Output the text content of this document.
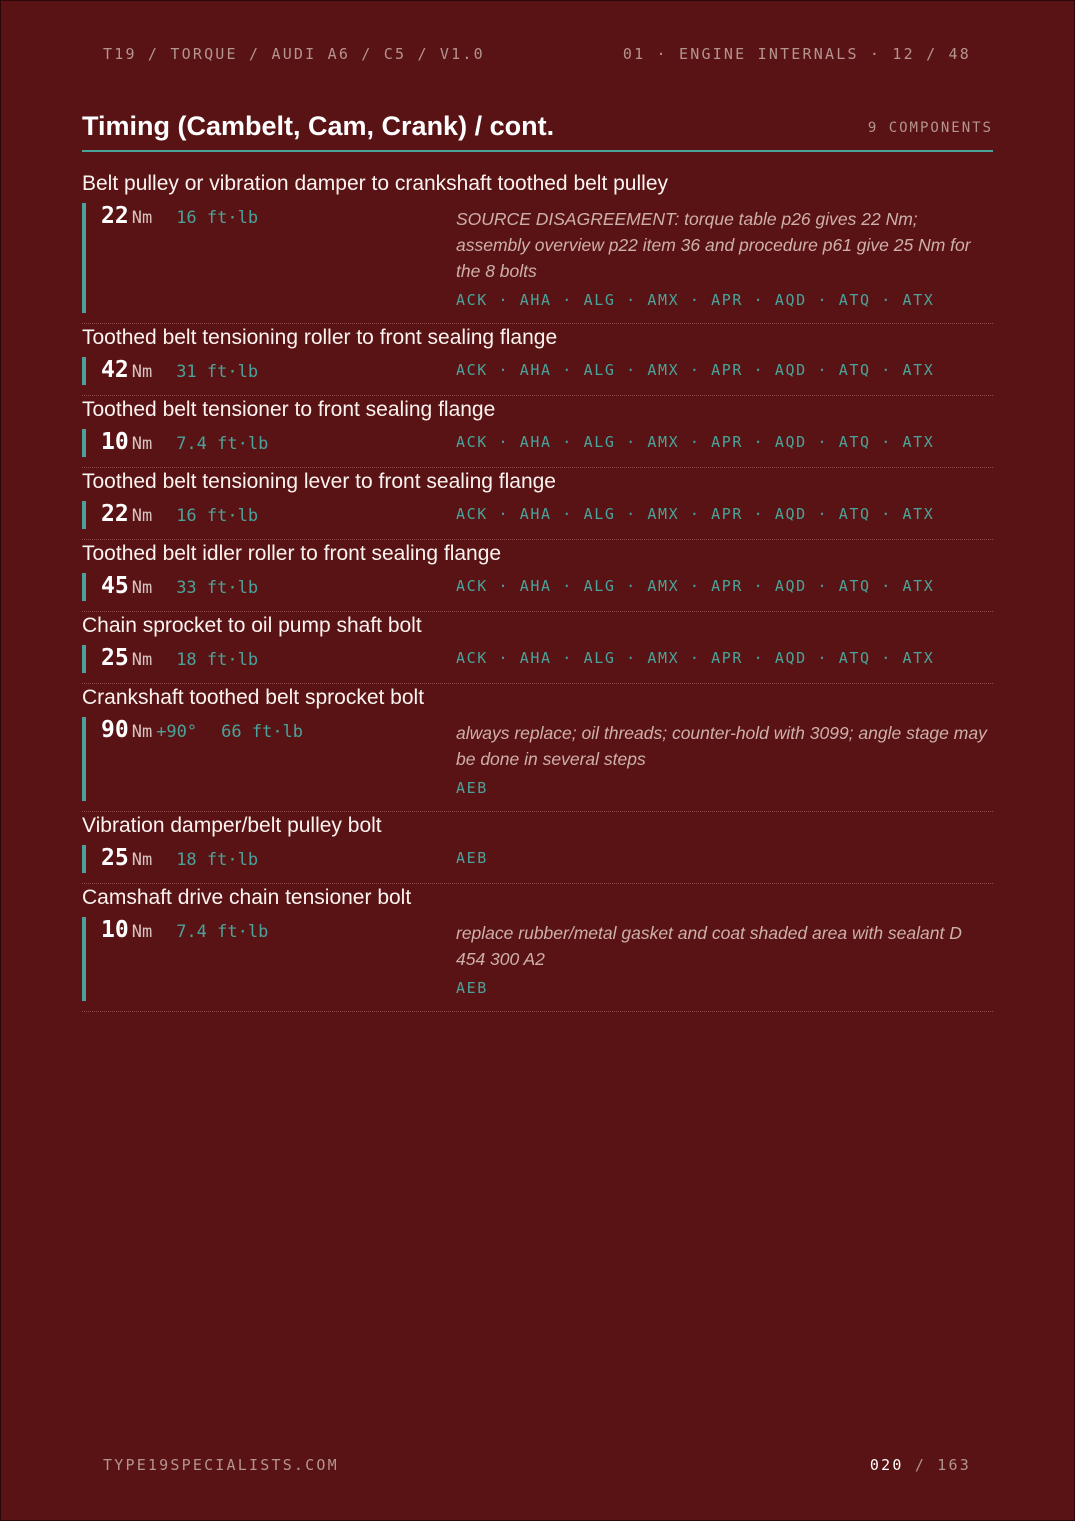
T19 / TORQUE / AUDI A6 / C5 / V1.0	01 · ENGINE INTERNALS · 12 / 48
Timing (Cambelt, Cam, Crank) / cont.	9 COMPONENTS
Belt pulley or vibration damper to crankshaft toothed belt pulley
22 Nm 16 ft·lb	SOURCE DISAGREEMENT: torque table p26 gives 22 Nm; assembly overview p22 item 36 and procedure p61 give 25 Nm for the 8 bolts
ACK · AHA · ALG · AMX · APR · AQD · ATQ · ATX
Toothed belt tensioning roller to front sealing flange
42 Nm 31 ft·lb	ACK · AHA · ALG · AMX · APR · AQD · ATQ · ATX
Toothed belt tensioner to front sealing flange
10 Nm 7.4 ft·lb	ACK · AHA · ALG · AMX · APR · AQD · ATQ · ATX
Toothed belt tensioning lever to front sealing flange
22 Nm 16 ft·lb	ACK · AHA · ALG · AMX · APR · AQD · ATQ · ATX
Toothed belt idler roller to front sealing flange
45 Nm 33 ft·lb	ACK · AHA · ALG · AMX · APR · AQD · ATQ · ATX
Chain sprocket to oil pump shaft bolt
25 Nm 18 ft·lb	ACK · AHA · ALG · AMX · APR · AQD · ATQ · ATX
Crankshaft toothed belt sprocket bolt
90 Nm +90° 66 ft·lb	always replace; oil threads; counter-hold with 3099; angle stage may be done in several steps
AEB
Vibration damper/belt pulley bolt
25 Nm 18 ft·lb	AEB
Camshaft drive chain tensioner bolt
10 Nm 7.4 ft·lb	replace rubber/metal gasket and coat shaded area with sealant D 454 300 A2
AEB
TYPE19SPECIALISTS.COM	020 / 163
